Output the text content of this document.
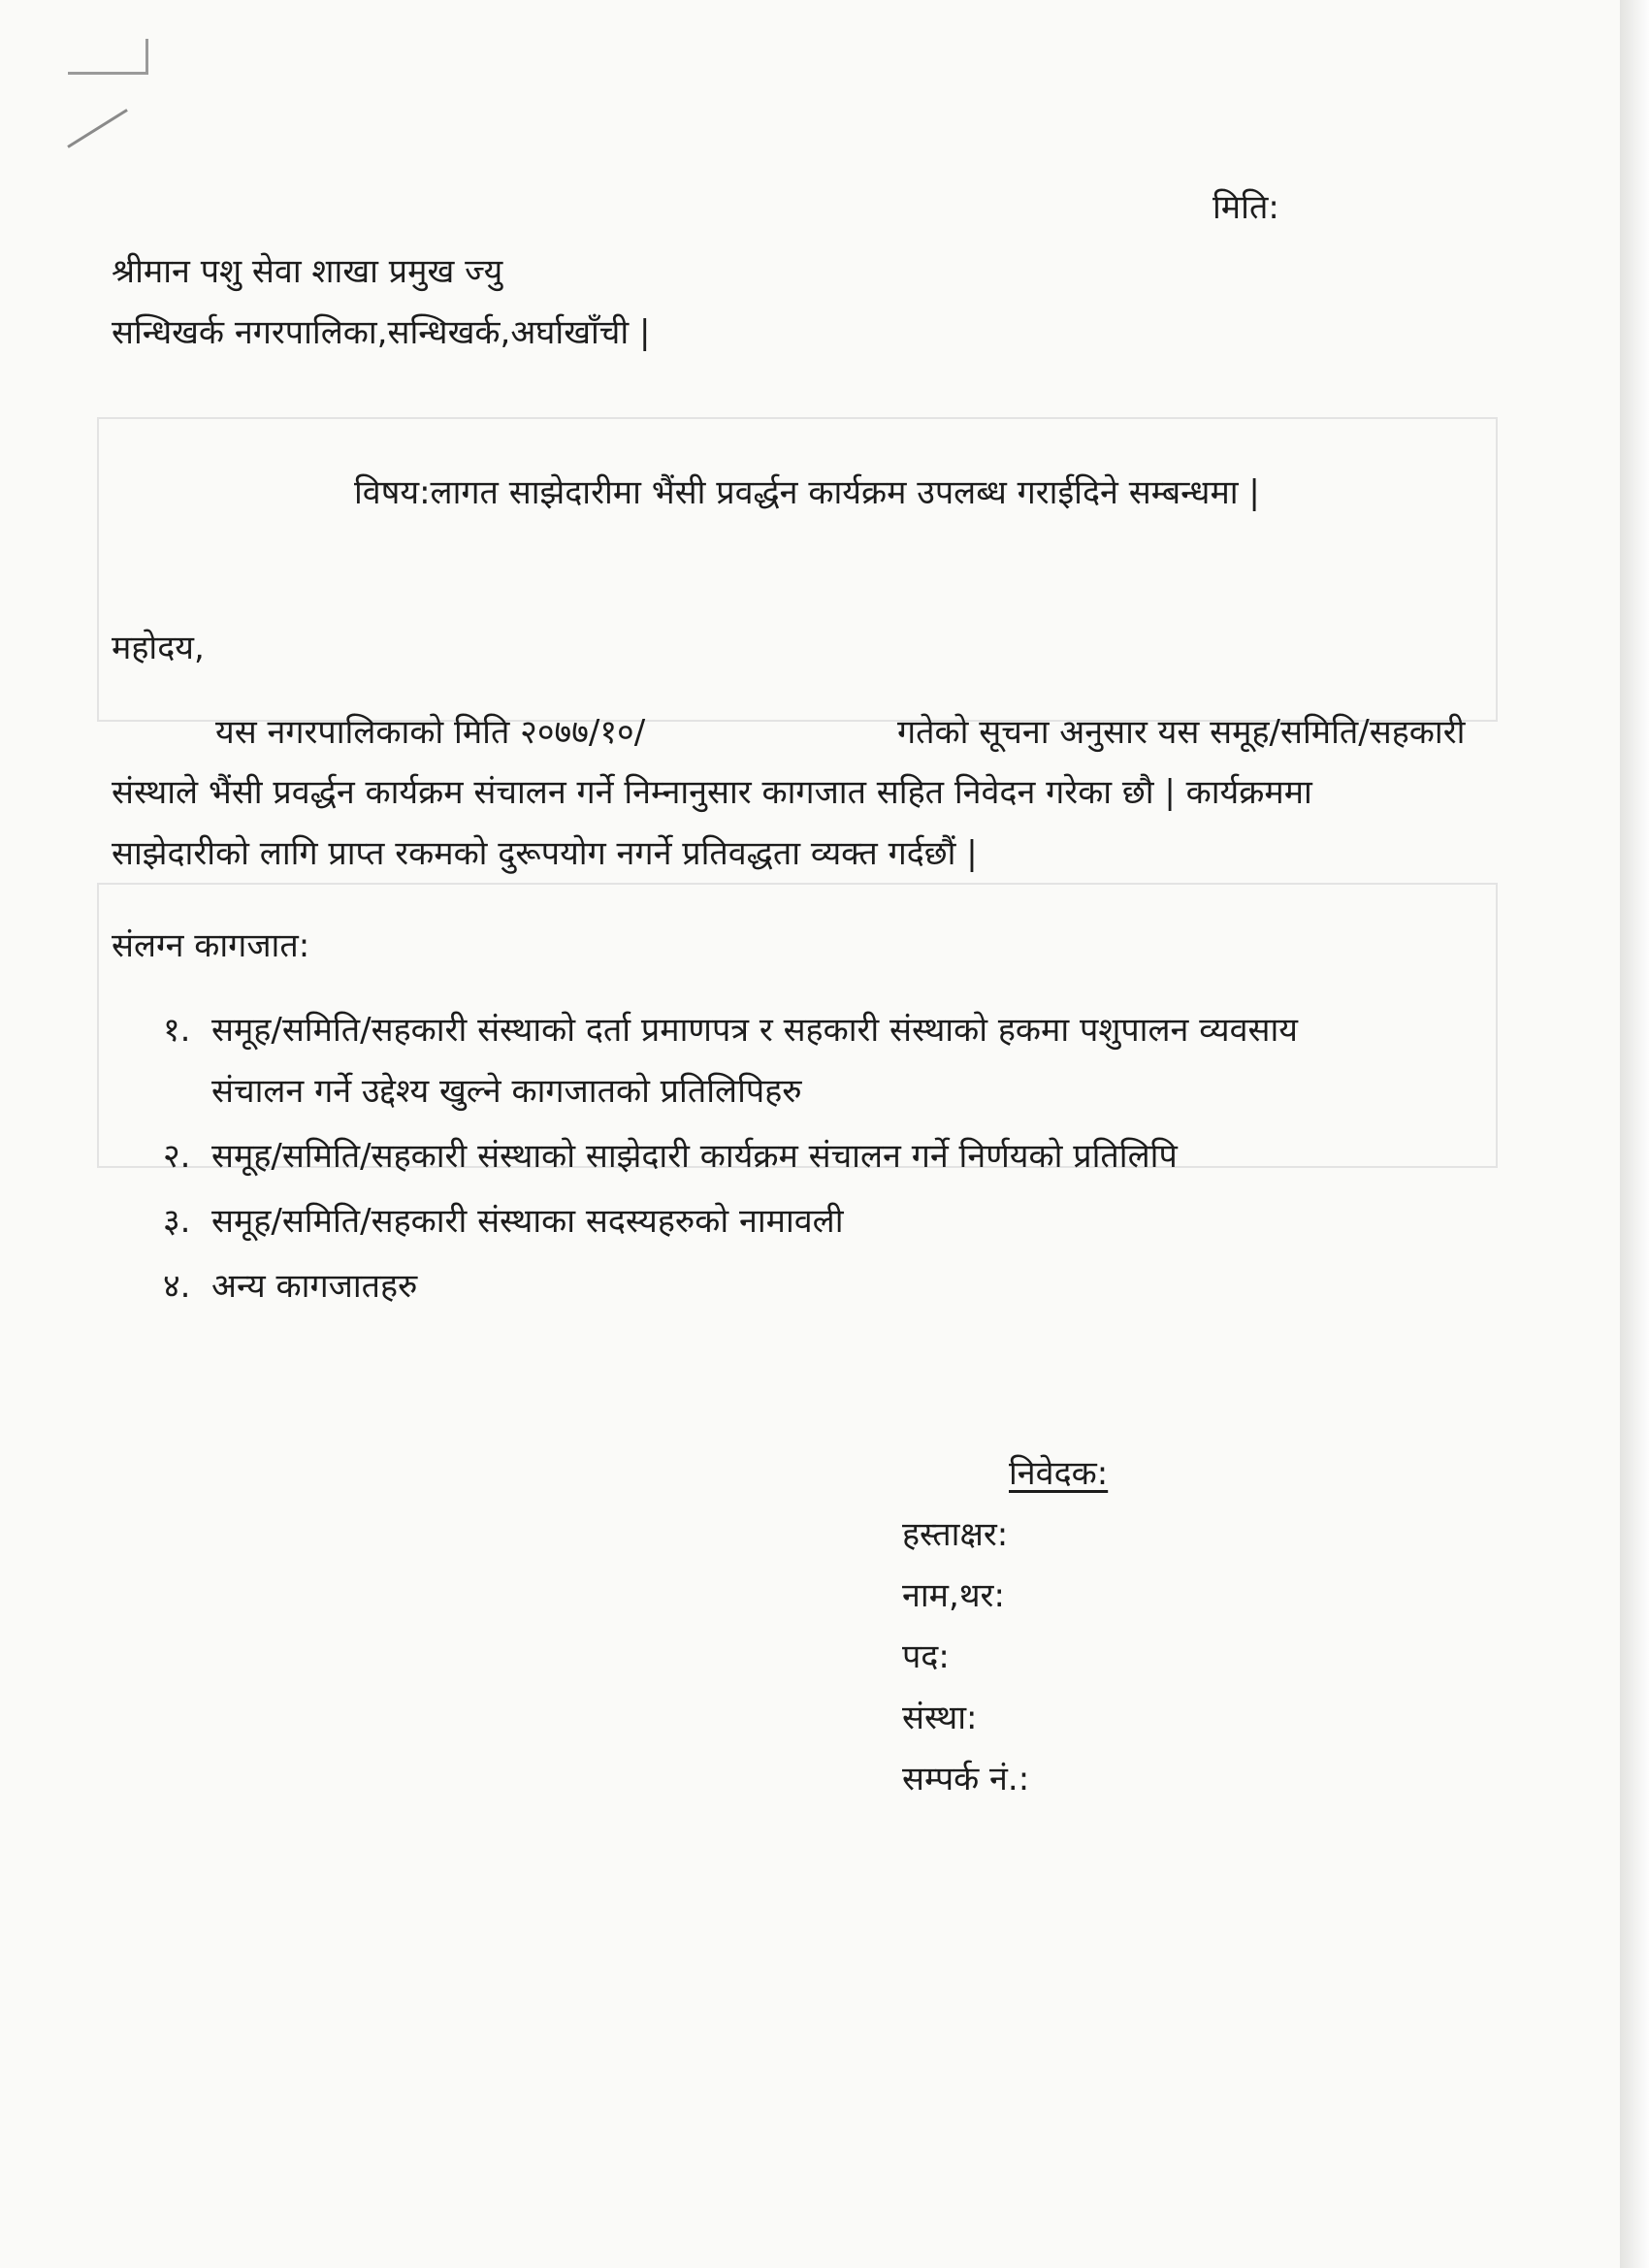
मिति:
श्रीमान पशु सेवा शाखा प्रमुख ज्यु
सन्धिखर्क नगरपालिका,सन्धिखर्क,अर्घाखाँची |
विषय:लागत साझेदारीमा भैंसी प्रवर्द्धन कार्यक्रम उपलब्ध गराईदिने सम्बन्धमा |
महोदय,
यस नगरपालिकाको मिति २०७७/१०/	गतेको सूचना अनुसार यस समूह/समिति/सहकारी
संस्थाले भैंसी प्रवर्द्धन कार्यक्रम संचालन गर्ने निम्नानुसार कागजात सहित निवेदन गरेका छौ | कार्यक्रममा
साझेदारीको लागि प्राप्त रकमको दुरूपयोग नगर्ने प्रतिवद्धता व्यक्त गर्दछौं |
संलग्न कागजात:
१. समूह/समिति/सहकारी संस्थाको दर्ता प्रमाणपत्र र सहकारी संस्थाको हकमा पशुपालन व्यवसाय
संचालन गर्ने उद्देश्य खुल्ने कागजातको प्रतिलिपिहरु
२. समूह/समिति/सहकारी संस्थाको साझेदारी कार्यक्रम संचालन गर्ने निर्णयको प्रतिलिपि
३. समूह/समिति/सहकारी संस्थाका सदस्यहरुको नामावली
४. अन्य कागजातहरु
निवेदक:
हस्ताक्षर:
नाम,थर:
पद:
संस्था:
सम्पर्क नं.:
